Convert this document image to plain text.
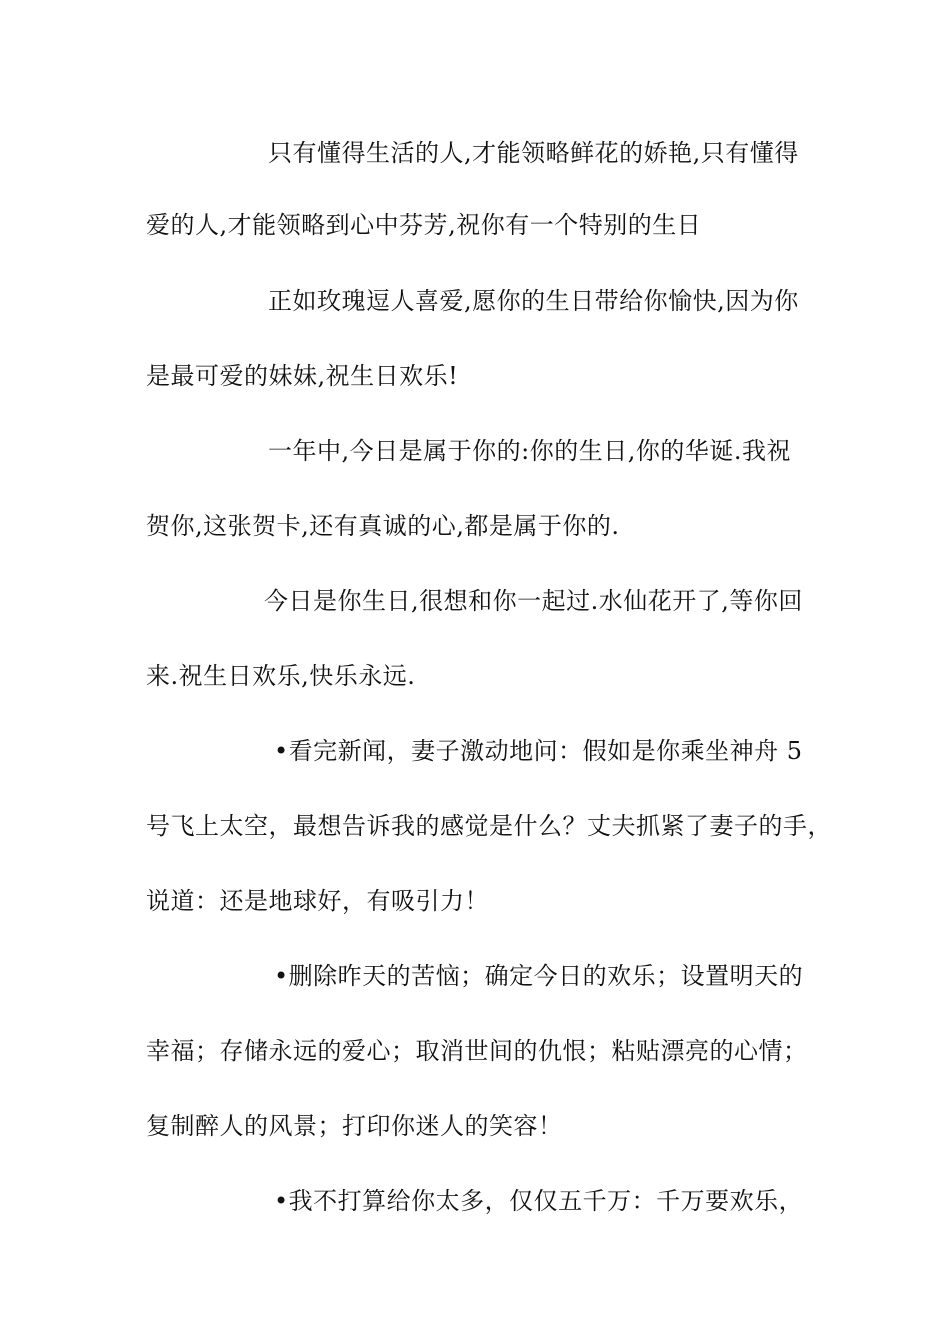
只有懂得生活的人,才能领略鲜花的娇艳,只有懂得

爱的人,才能领略到心中芬芳,祝你有一个特别的生日

正如玫瑰逗人喜爱,愿你的生日带给你愉快,因为你

是最可爱的妹妹,祝生日欢乐!

一年中,今日是属于你的:你的生日,你的华诞.我祝

贺你,这张贺卡,还有真诚的心,都是属于你的.

今日是你生日,很想和你一起过.水仙花开了,等你回

来.祝生日欢乐,快乐永远.

•看完新闻，妻子激动地问：假如是你乘坐神舟 5

号飞上太空，最想告诉我的感觉是什么？丈夫抓紧了妻子的手，

说道：还是地球好，有吸引力！

•删除昨天的苦恼；确定今日的欢乐；设置明天的

幸福；存储永远的爱心；取消世间的仇恨；粘贴漂亮的心情；

复制醉人的风景；打印你迷人的笑容！

•我不打算给你太多，仅仅五千万：千万要欢乐，
